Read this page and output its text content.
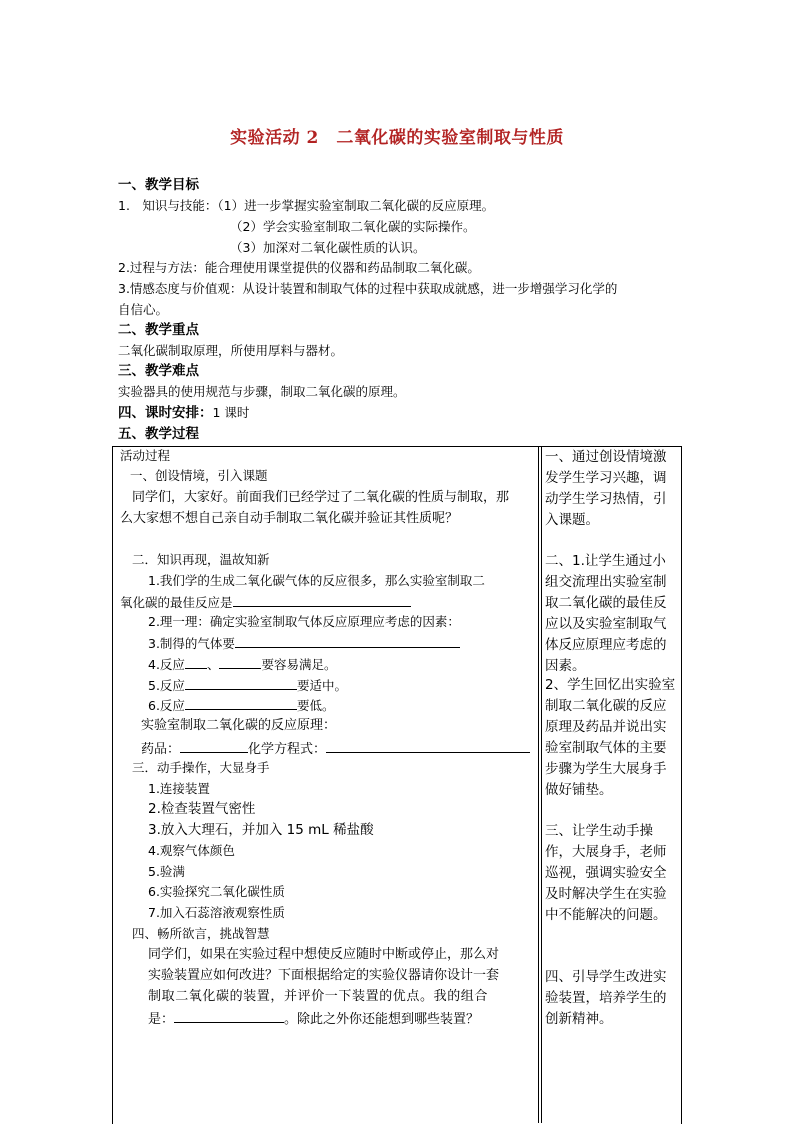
实验活动 2　二氧化碳的实验室制取与性质
一、教学目标
1.　知识与技能：（1）进一步掌握实验室制取二氧化碳的反应原理。
（2）学会实验室制取二氧化碳的实际操作。
（3）加深对二氧化碳性质的认识。
2.过程与方法：能合理使用课堂提供的仪器和药品制取二氧化碳。
3.情感态度与价值观：从设计装置和制取气体的过程中获取成就感，进一步增强学习化学的
自信心。
二、教学重点
二氧化碳制取原理，所使用厚料与器材。
三、教学难点
实验器具的使用规范与步骤，制取二氧化碳的原理。
四、课时安排：1 课时
五、教学过程
活动过程
一、创设情境，引入课题
同学们，大家好。前面我们已经学过了二氧化碳的性质与制取，那
么大家想不想自己亲自动手制取二氧化碳并验证其性质呢？
二．知识再现，温故知新
1.我们学的生成二氧化碳气体的反应很多，那么实验室制取二
氧化碳的最佳反应是
2.理一理：确定实验室制取气体反应原理应考虑的因素：
3.制得的气体要
4.反应 、	要容易满足。
5.反应	要适中。
6.反应	要低。
实验室制取二氧化碳的反应原理：
药品：	化学方程式：
三．动手操作，大显身手
1.连接装置
2.检查装置气密性
3.放入大理石，并加入 15 mL 稀盐酸
4.观察气体颜色
5.验满
6.实验探究二氧化碳性质
7.加入石蕊溶液观察性质
四、畅所欲言，挑战智慧
同学们，如果在实验过程中想使反应随时中断或停止，那么对
实验装置应如何改进？下面根据给定的实验仪器请你设计一套
制取二氧化碳的装置，并评价一下装置的优点。我的组合
是：	。除此之外你还能想到哪些装置？
一、通过创设情境激发学生学习兴趣，调动学生学习热情，引入课题。
二、1.让学生通过小组交流理出实验室制取二氧化碳的最佳反应以及实验室制取气体反应原理应考虑的因素。
2、学生回忆出实验室制取二氧化碳的反应原理及药品并说出实验室制取气体的主要步骤为学生大展身手做好铺垫。
三、让学生动手操作，大展身手，老师巡视，强调实验安全及时解决学生在实验中不能解决的问题。
四、引导学生改进实验装置，培养学生的创新精神。
